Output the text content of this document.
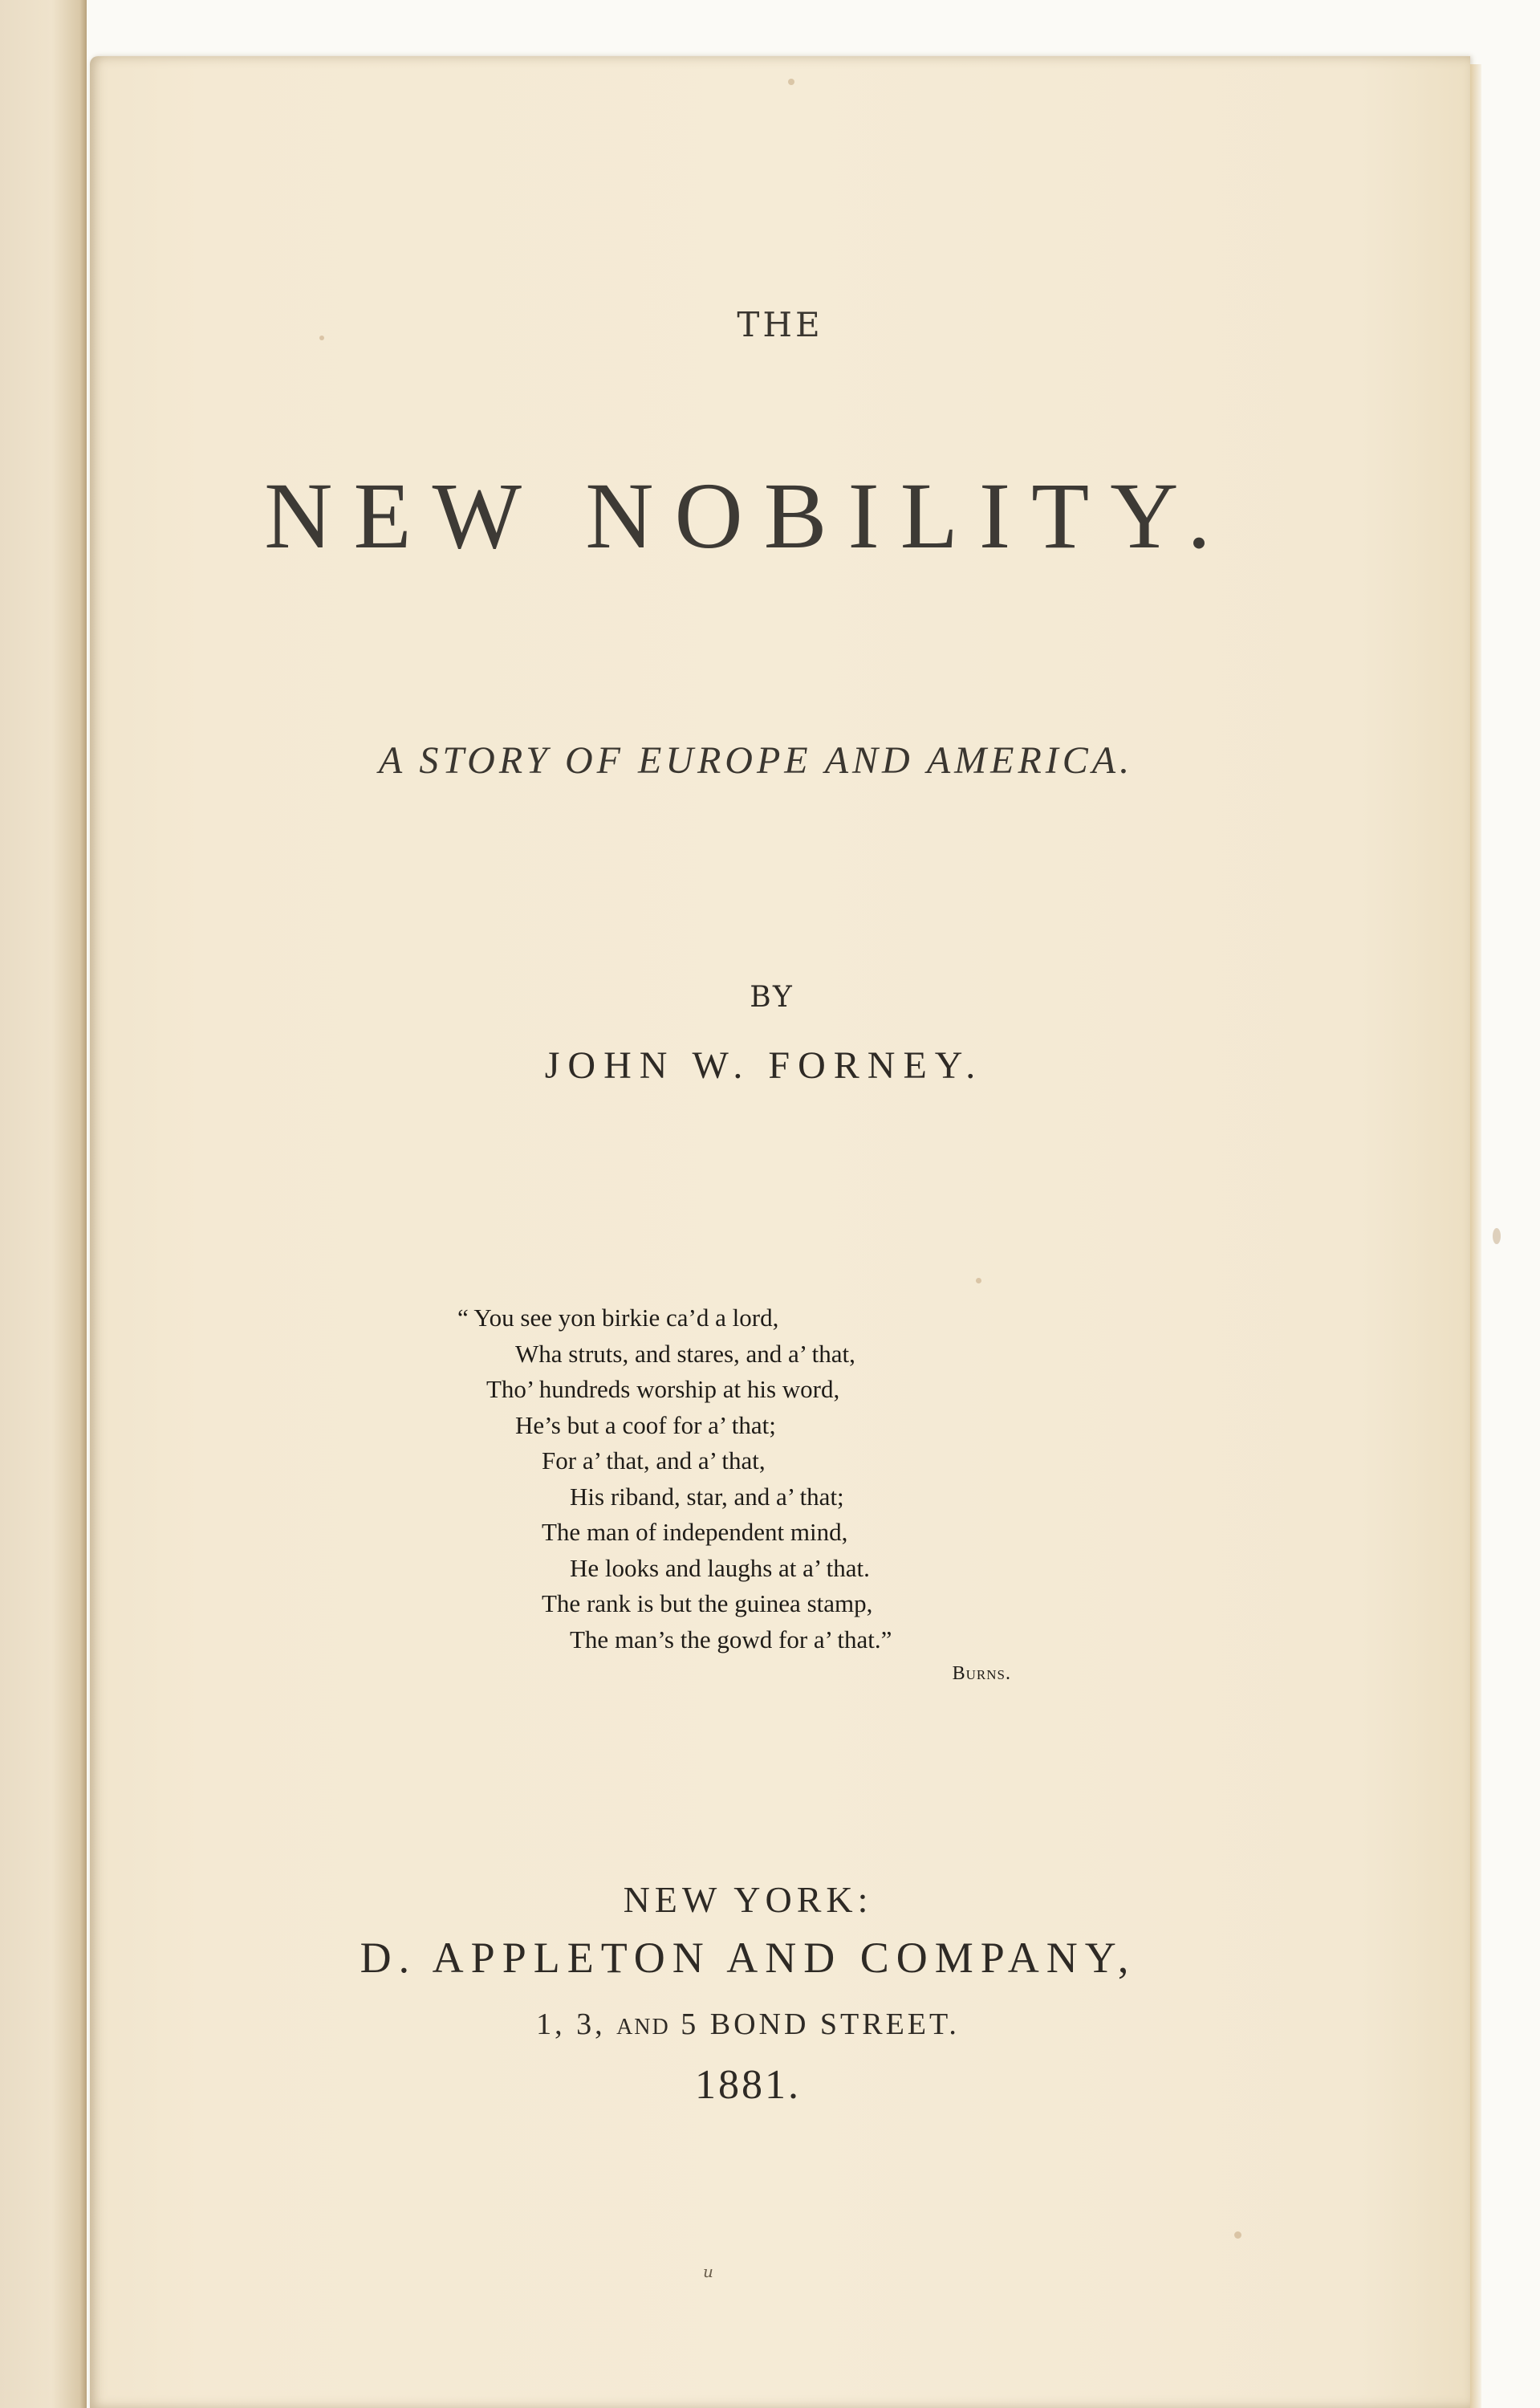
THE
NEW NOBILITY.
A STORY OF EUROPE AND AMERICA.
BY
JOHN W. FORNEY.
“ You see yon birkie ca’d a lord,
Wha struts, and stares, and a’ that,
Tho’ hundreds worship at his word,
He’s but a coof for a’ that;
For a’ that, and a’ that,
His riband, star, and a’ that;
The man of independent mind,
He looks and laughs at a’ that.
The rank is but the guinea stamp,
The man’s the gowd for a’ that.”
Burns.
NEW YORK:
D. APPLETON AND COMPANY,
1, 3, AND 5 BOND STREET.
1881.
u
